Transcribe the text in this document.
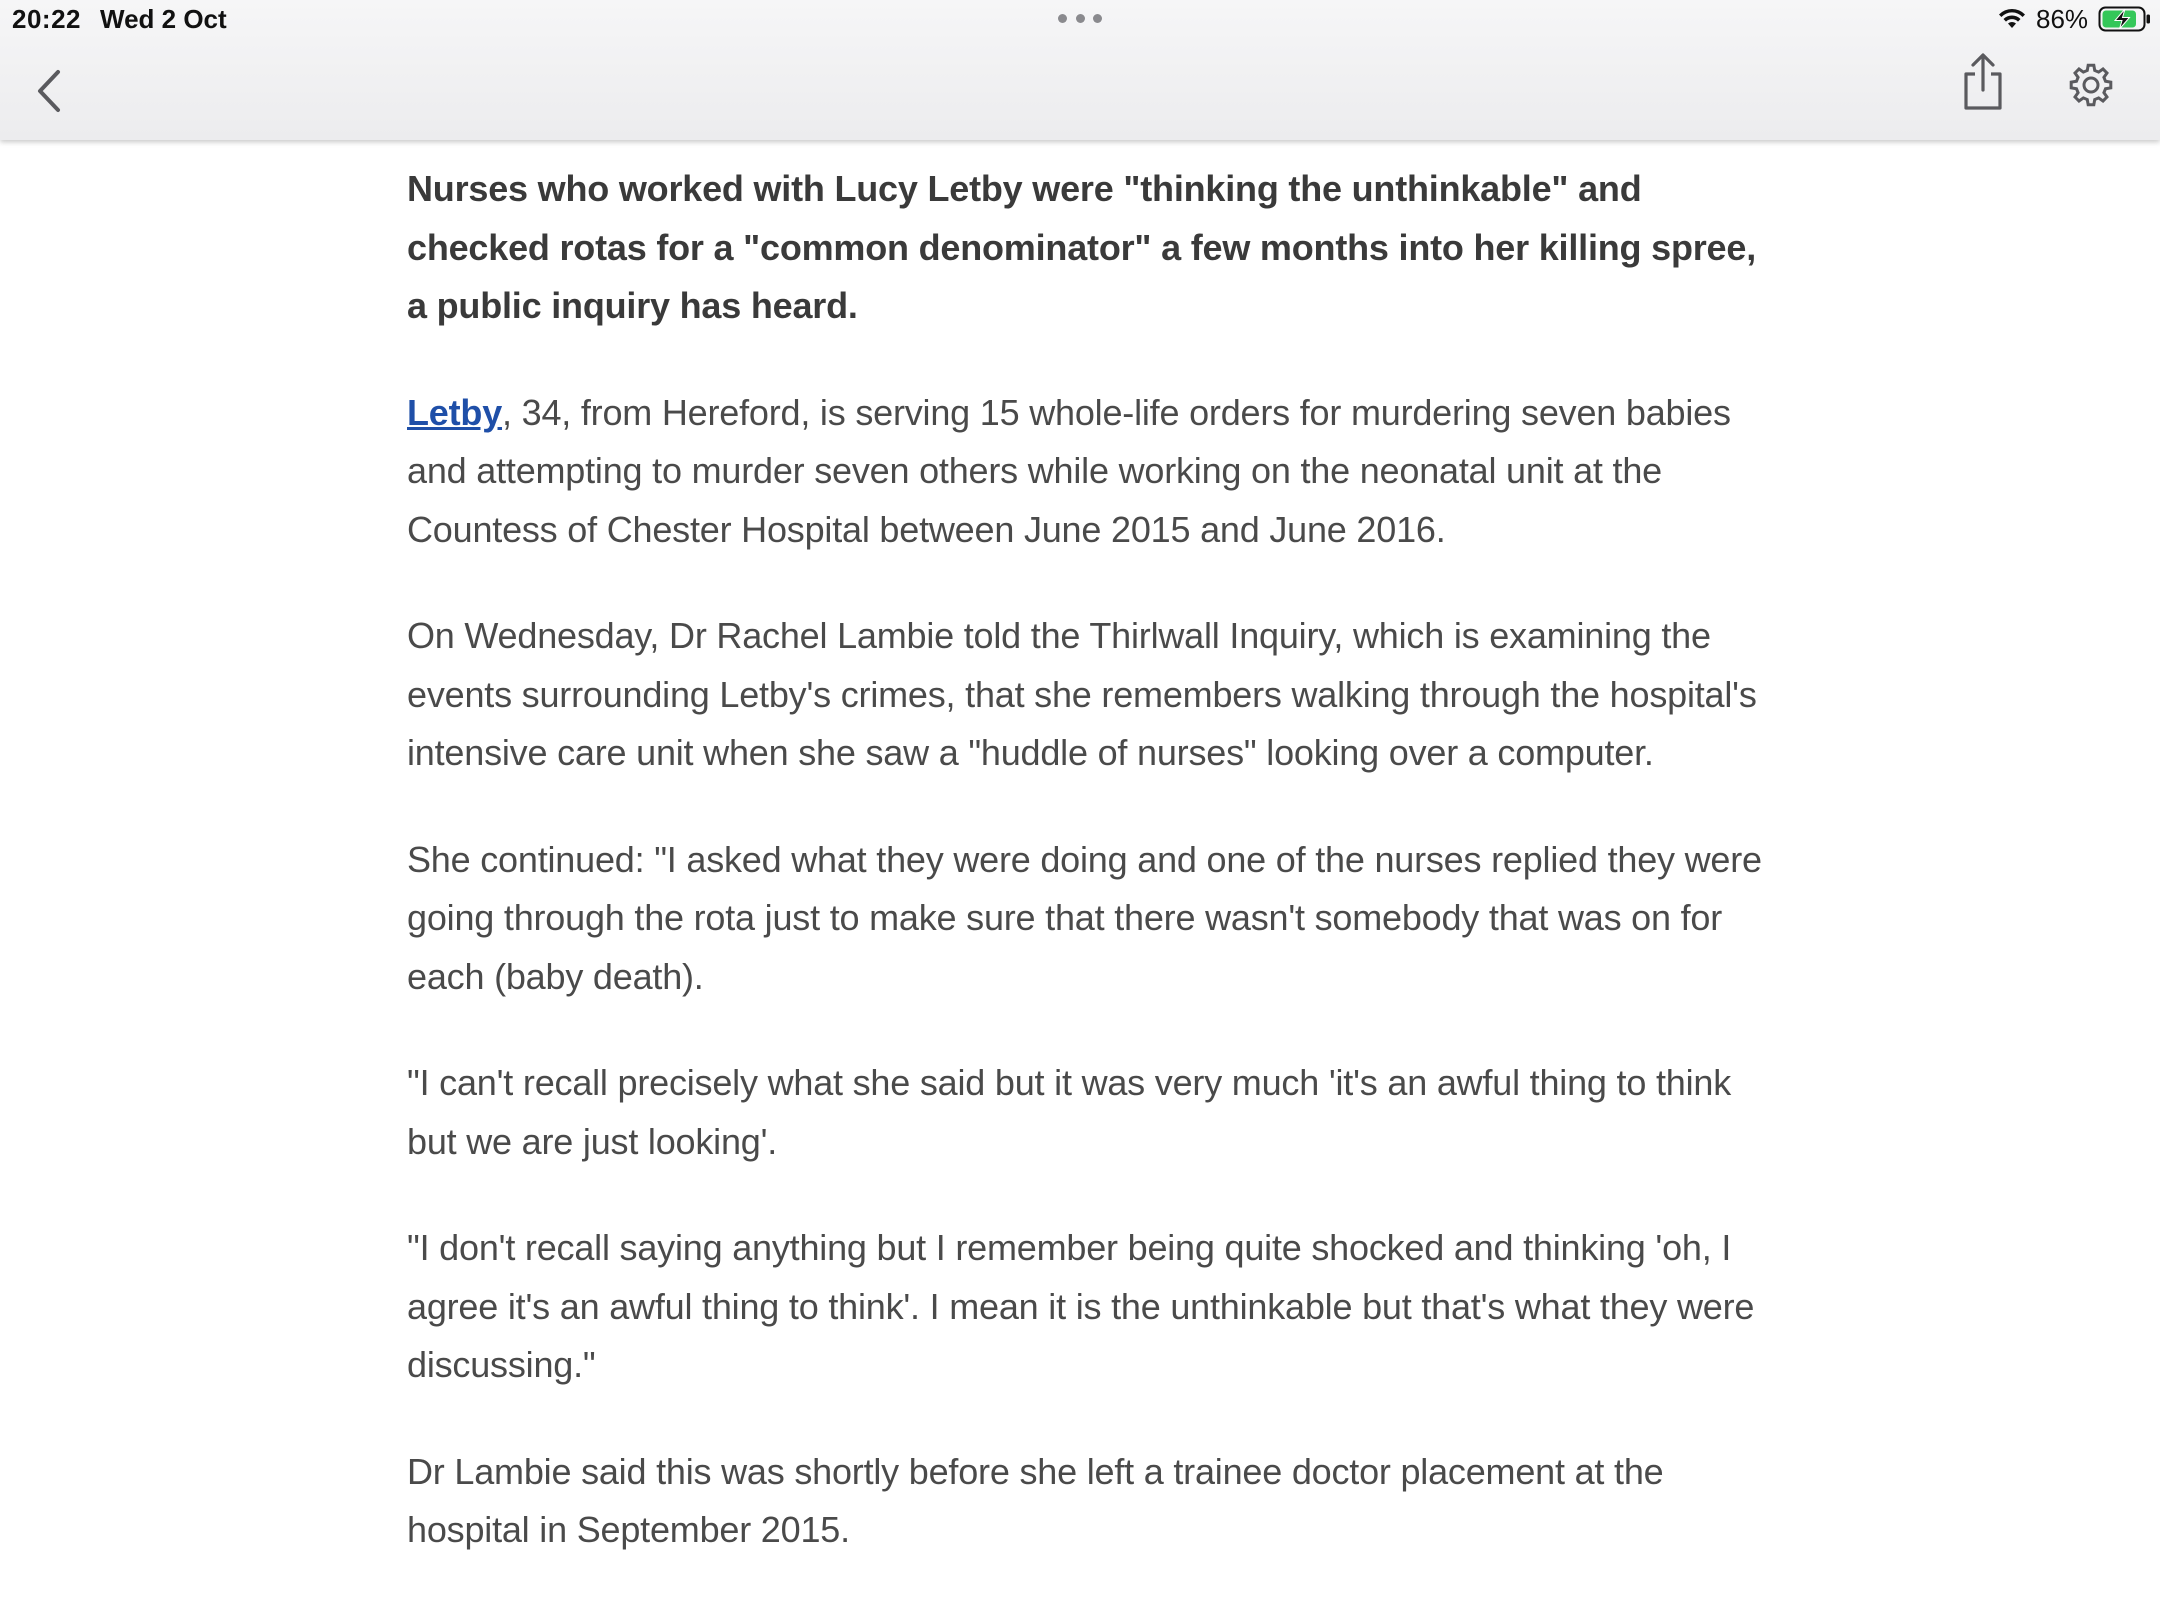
20:22 Wed 2 Oct	86%

Nurses who worked with Lucy Letby were "thinking the unthinkable" and checked rotas for a "common denominator" a few months into her killing spree, a public inquiry has heard.

Letby, 34, from Hereford, is serving 15 whole-life orders for murdering seven babies and attempting to murder seven others while working on the neonatal unit at the Countess of Chester Hospital between June 2015 and June 2016.

On Wednesday, Dr Rachel Lambie told the Thirlwall Inquiry, which is examining the events surrounding Letby's crimes, that she remembers walking through the hospital's intensive care unit when she saw a "huddle of nurses" looking over a computer.

She continued: "I asked what they were doing and one of the nurses replied they were going through the rota just to make sure that there wasn't somebody that was on for each (baby death).

"I can't recall precisely what she said but it was very much 'it's an awful thing to think but we are just looking'.

"I don't recall saying anything but I remember being quite shocked and thinking 'oh, I agree it's an awful thing to think'. I mean it is the unthinkable but that's what they were discussing."

Dr Lambie said this was shortly before she left a trainee doctor placement at the hospital in September 2015.
